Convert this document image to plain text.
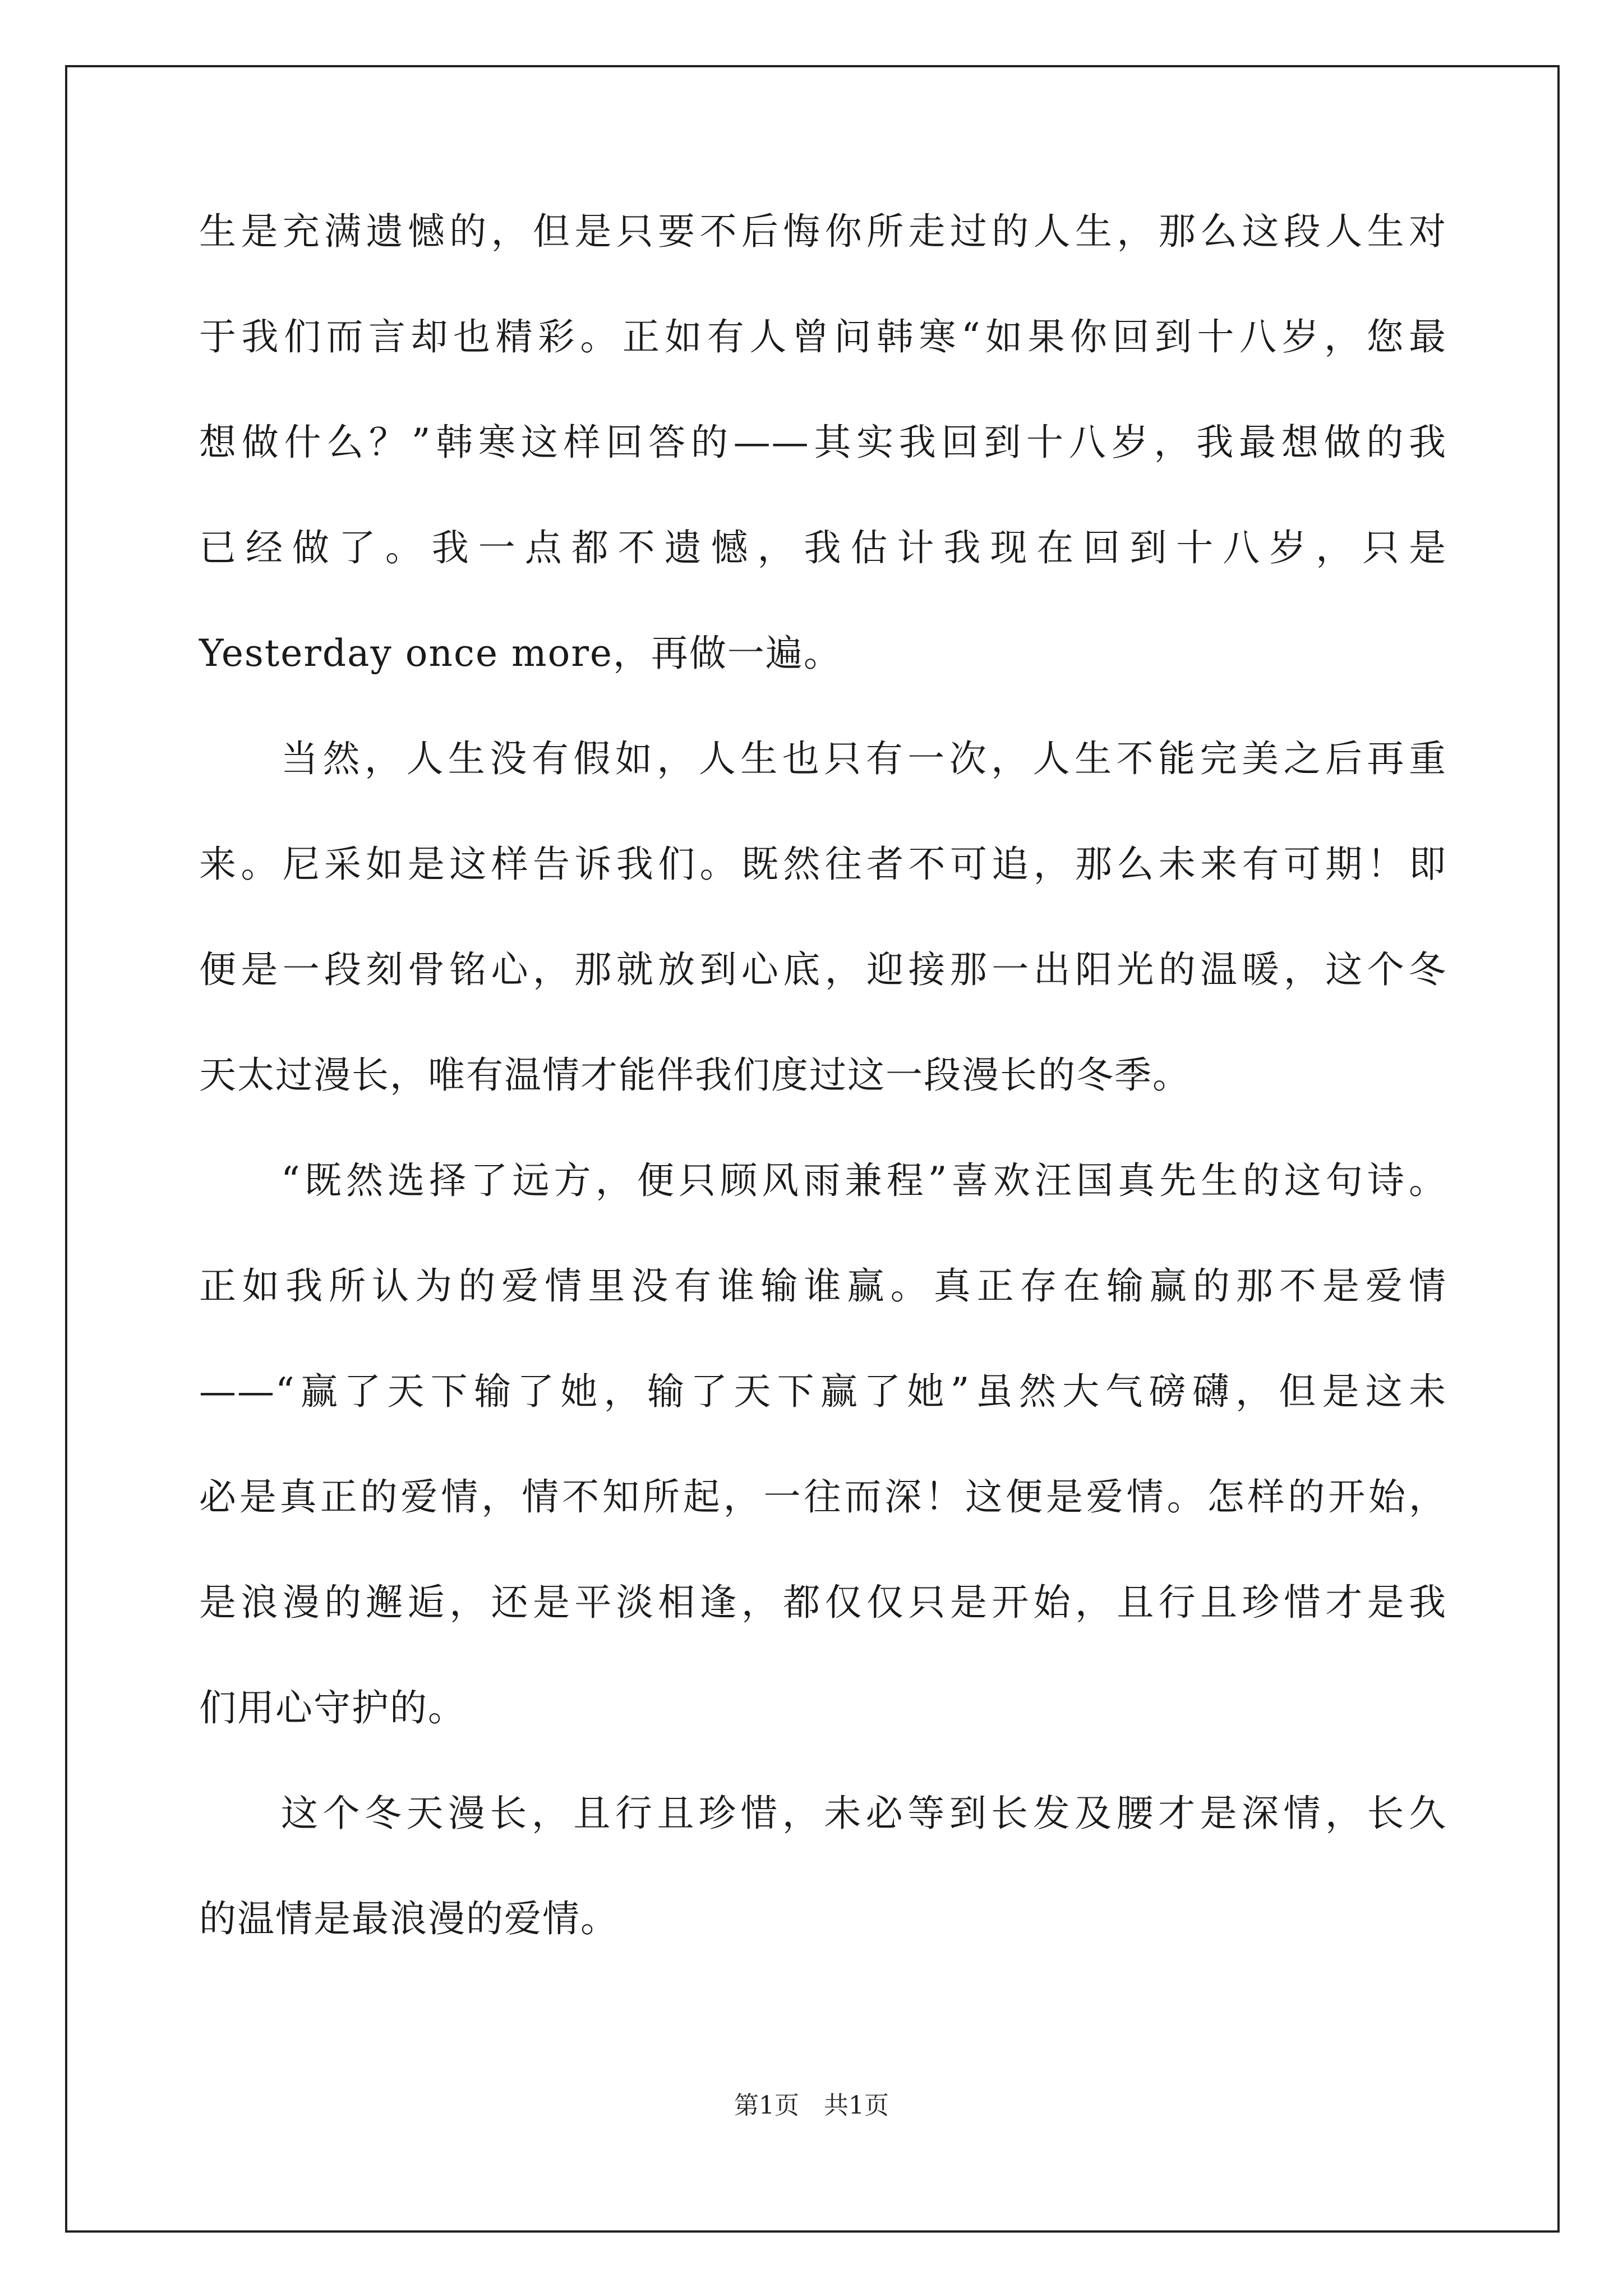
生是充满遗憾的，但是只要不后悔你所走过的人生，那么这段人生对
于我们而言却也精彩。正如有人曾问韩寒“如果你回到十八岁，您最
想做什么？”韩寒这样回答的——其实我回到十八岁，我最想做的我
已经做了。我一点都不遗憾，我估计我现在回到十八岁，只是
Yesterday once more，再做一遍。
当然，人生没有假如，人生也只有一次，人生不能完美之后再重
来。尼采如是这样告诉我们。既然往者不可追，那么未来有可期！即
便是一段刻骨铭心，那就放到心底，迎接那一出阳光的温暖，这个冬
天太过漫长，唯有温情才能伴我们度过这一段漫长的冬季。
“既然选择了远方，便只顾风雨兼程”喜欢汪国真先生的这句诗。
正如我所认为的爱情里没有谁输谁赢。真正存在输赢的那不是爱情
——“赢了天下输了她，输了天下赢了她”虽然大气磅礴，但是这未
必是真正的爱情，情不知所起，一往而深！这便是爱情。怎样的开始，
是浪漫的邂逅，还是平淡相逢，都仅仅只是开始，且行且珍惜才是我
们用心守护的。
这个冬天漫长，且行且珍惜，未必等到长发及腰才是深情，长久
的温情是最浪漫的爱情。
第1页　共1页
